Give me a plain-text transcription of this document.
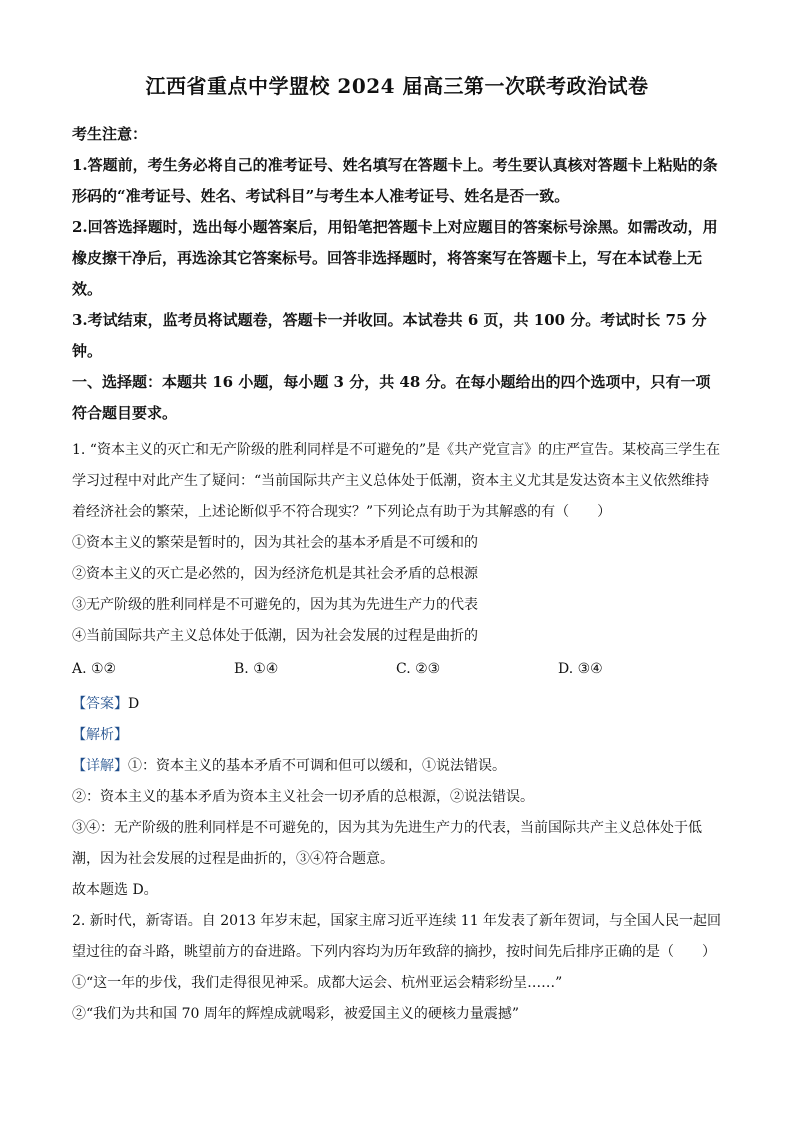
江西省重点中学盟校 2024 届高三第一次联考政治试卷

考生注意：

1.答题前，考生务必将自己的准考证号、姓名填写在答题卡上。考生要认真核对答题卡上粘贴的条形码的“准考证号、姓名、考试科目”与考生本人准考证号、姓名是否一致。

2.回答选择题时，选出每小题答案后，用铅笔把答题卡上对应题目的答案标号涂黑。如需改动，用橡皮擦干净后，再选涂其它答案标号。回答非选择题时，将答案写在答题卡上，写在本试卷上无效。

3.考试结束，监考员将试题卷，答题卡一并收回。本试卷共 6 页，共 100 分。考试时长 75 分钟。

一、选择题：本题共 16 小题，每小题 3 分，共 48 分。在每小题给出的四个选项中，只有一项符合题目要求。

1. “资本主义的灭亡和无产阶级的胜利同样是不可避免的”是《共产党宣言》的庄严宣告。某校高三学生在学习过程中对此产生了疑问：“当前国际共产主义总体处于低潮，资本主义尤其是发达资本主义依然维持着经济社会的繁荣，上述论断似乎不符合现实？”下列论点有助于为其解惑的有（　　）

①资本主义的繁荣是暂时的，因为其社会的基本矛盾是不可缓和的

②资本主义的灭亡是必然的，因为经济危机是其社会矛盾的总根源

③无产阶级的胜利同样是不可避免的，因为其为先进生产力的代表

④当前国际共产主义总体处于低潮，因为社会发展的过程是曲折的

A. ①②	B. ①④	C. ②③	D. ③④

【答案】D

【解析】

【详解】①：资本主义的基本矛盾不可调和但可以缓和，①说法错误。

②：资本主义的基本矛盾为资本主义社会一切矛盾的总根源，②说法错误。

③④：无产阶级的胜利同样是不可避免的，因为其为先进生产力的代表，当前国际共产主义总体处于低潮，因为社会发展的过程是曲折的，③④符合题意。

故本题选 D。

2. 新时代，新寄语。自 2013 年岁末起，国家主席习近平连续 11 年发表了新年贺词，与全国人民一起回望过往的奋斗路，眺望前方的奋进路。下列内容均为历年致辞的摘抄，按时间先后排序正确的是（　　）

①“这一年的步伐，我们走得很见神采。成都大运会、杭州亚运会精彩纷呈……”

②“我们为共和国 70 周年的辉煌成就喝彩，被爱国主义的硬核力量震撼”
